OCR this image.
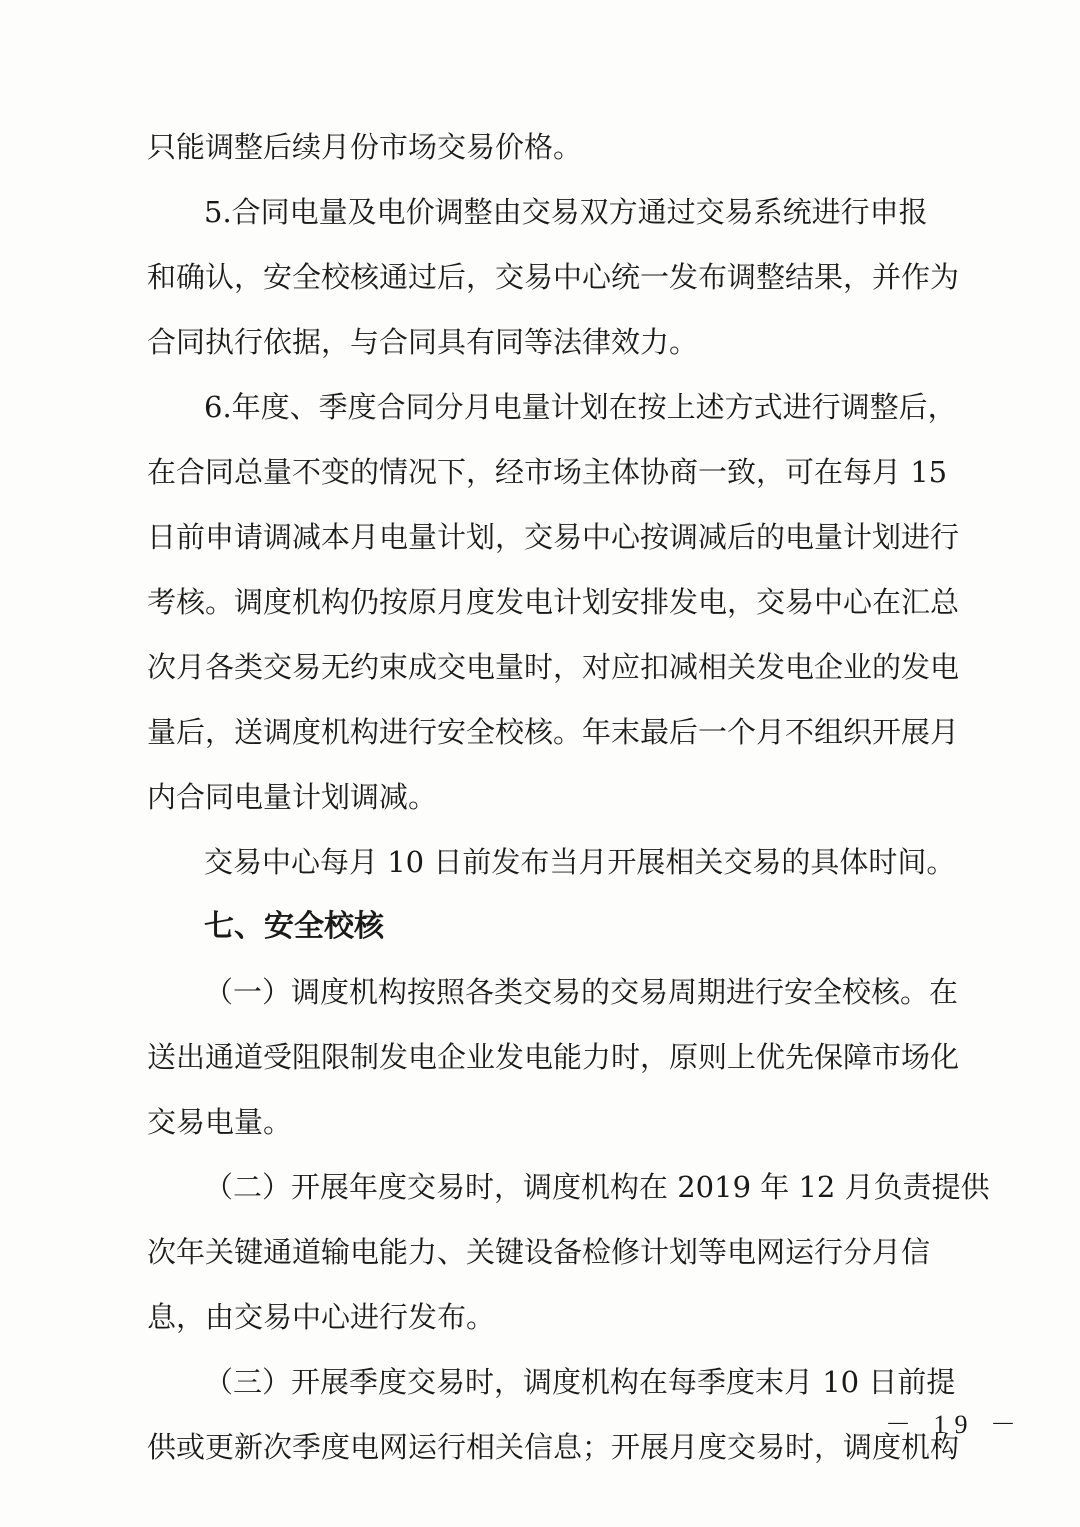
只能调整后续月份市场交易价格。
5.合同电量及电价调整由交易双方通过交易系统进行申报
和确认，安全校核通过后，交易中心统一发布调整结果，并作为
合同执行依据，与合同具有同等法律效力。
6.年度、季度合同分月电量计划在按上述方式进行调整后，
在合同总量不变的情况下，经市场主体协商一致，可在每月 15
日前申请调减本月电量计划，交易中心按调减后的电量计划进行
考核。调度机构仍按原月度发电计划安排发电，交易中心在汇总
次月各类交易无约束成交电量时，对应扣减相关发电企业的发电
量后，送调度机构进行安全校核。年末最后一个月不组织开展月
内合同电量计划调减。
交易中心每月 10 日前发布当月开展相关交易的具体时间。
七、安全校核
（一）调度机构按照各类交易的交易周期进行安全校核。在
送出通道受阻限制发电企业发电能力时，原则上优先保障市场化
交易电量。
（二）开展年度交易时，调度机构在 2019 年 12 月负责提供
次年关键通道输电能力、关键设备检修计划等电网运行分月信
息，由交易中心进行发布。
（三）开展季度交易时，调度机构在每季度末月 10 日前提
供或更新次季度电网运行相关信息；开展月度交易时，调度机构
－ 19 －
